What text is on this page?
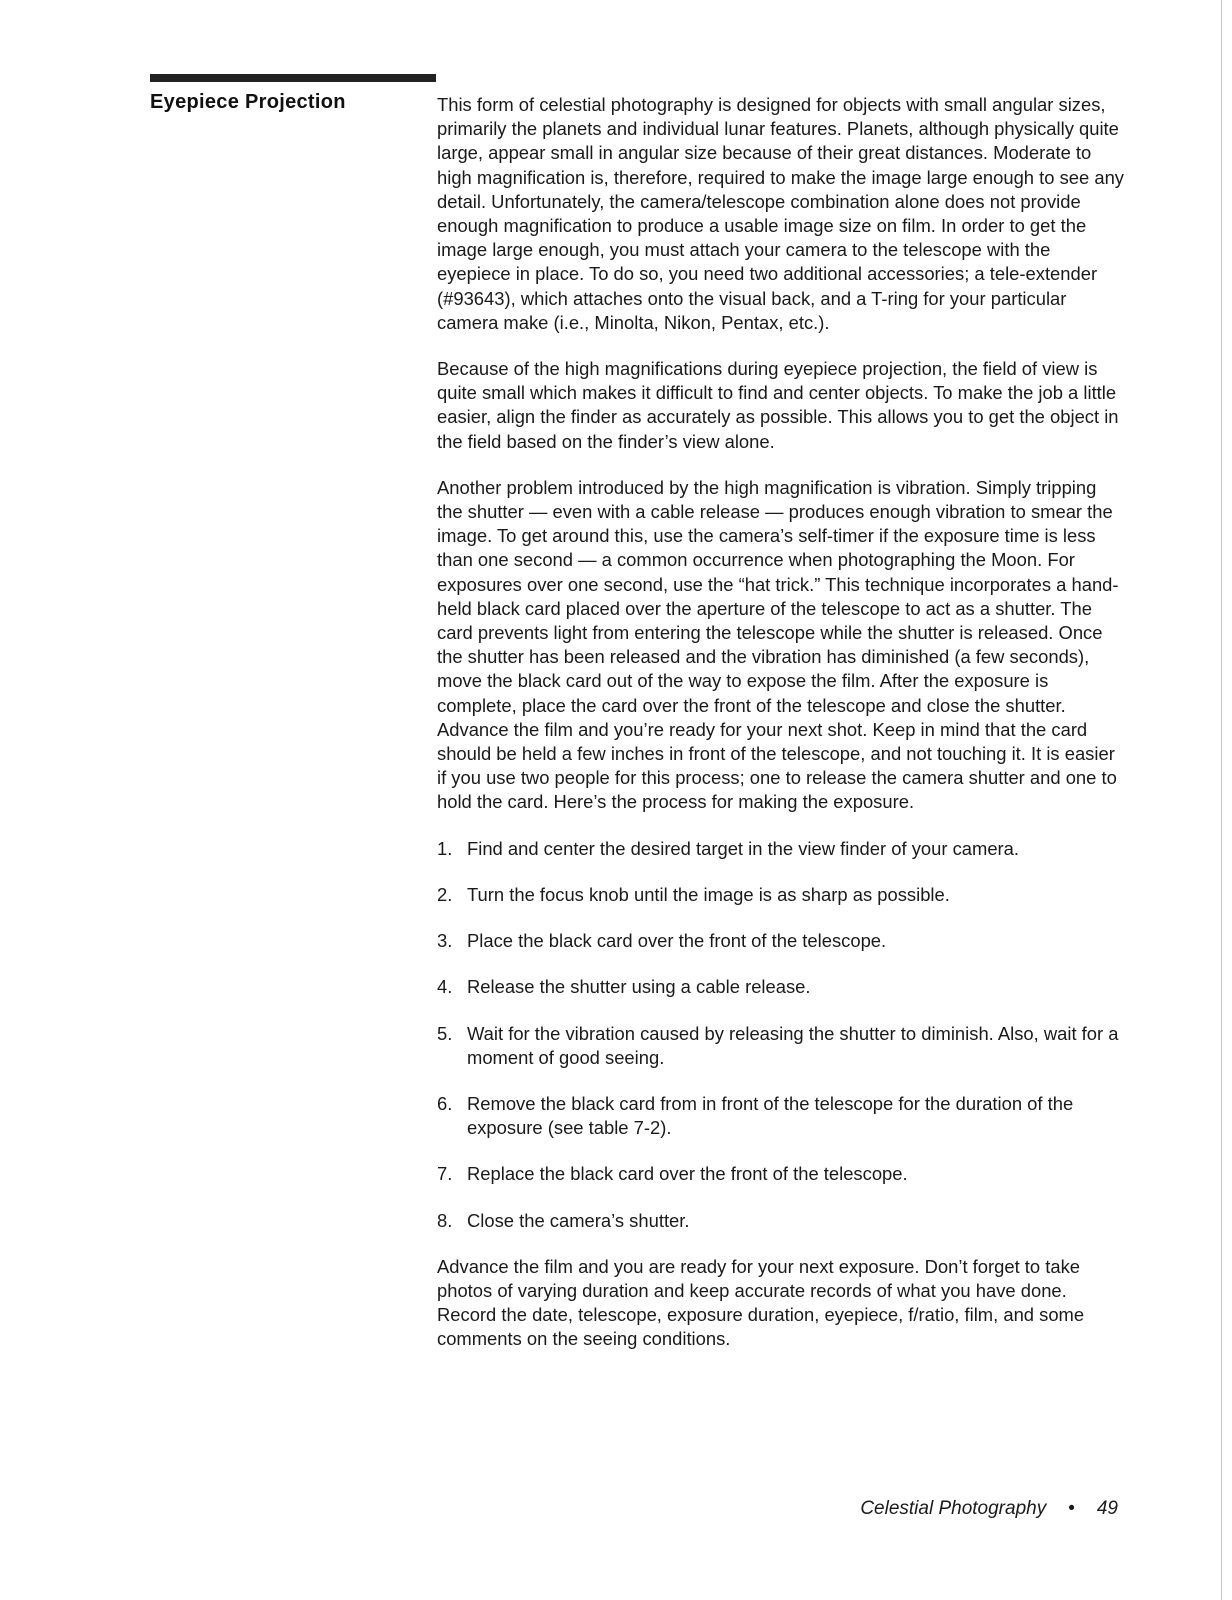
Eyepiece Projection	This form of celestial photography is designed for objects with small angular sizes, primarily the planets and individual lunar features. Planets, although physically quite large, appear small in angular size because of their great distances. Moderate to high magnification is, therefore, required to make the image large enough to see any detail. Unfortunately, the camera/telescope combination alone does not provide enough magnification to produce a usable image size on film. In order to get the image large enough, you must attach your camera to the telescope with the eyepiece in place. To do so, you need two additional accessories; a tele-extender (#93643), which attaches onto the visual back, and a T-ring for your particular camera make (i.e., Minolta, Nikon, Pentax, etc.).

Because of the high magnifications during eyepiece projection, the field of view is quite small which makes it difficult to find and center objects. To make the job a little easier, align the finder as accurately as possible. This allows you to get the object in the field based on the finder’s view alone.

Another problem introduced by the high magnification is vibration. Simply tripping the shutter — even with a cable release — produces enough vibration to smear the image. To get around this, use the camera’s self-timer if the exposure time is less than one second — a common occurrence when photographing the Moon. For exposures over one second, use the “hat trick.” This technique incorporates a hand-held black card placed over the aperture of the telescope to act as a shutter. The card prevents light from entering the telescope while the shutter is released. Once the shutter has been released and the vibration has diminished (a few seconds), move the black card out of the way to expose the film. After the exposure is complete, place the card over the front of the telescope and close the shutter. Advance the film and you’re ready for your next shot. Keep in mind that the card should be held a few inches in front of the telescope, and not touching it. It is easier if you use two people for this process; one to release the camera shutter and one to hold the card. Here’s the process for making the exposure.

1. Find and center the desired target in the view finder of your camera.
2. Turn the focus knob until the image is as sharp as possible.
3. Place the black card over the front of the telescope.
4. Release the shutter using a cable release.
5. Wait for the vibration caused by releasing the shutter to diminish. Also, wait for a moment of good seeing.
6. Remove the black card from in front of the telescope for the duration of the exposure (see table 7-2).
7. Replace the black card over the front of the telescope.
8. Close the camera’s shutter.

Advance the film and you are ready for your next exposure. Don’t forget to take photos of varying duration and keep accurate records of what you have done. Record the date, telescope, exposure duration, eyepiece, f/ratio, film, and some comments on the seeing conditions.

Celestial Photography • 49
